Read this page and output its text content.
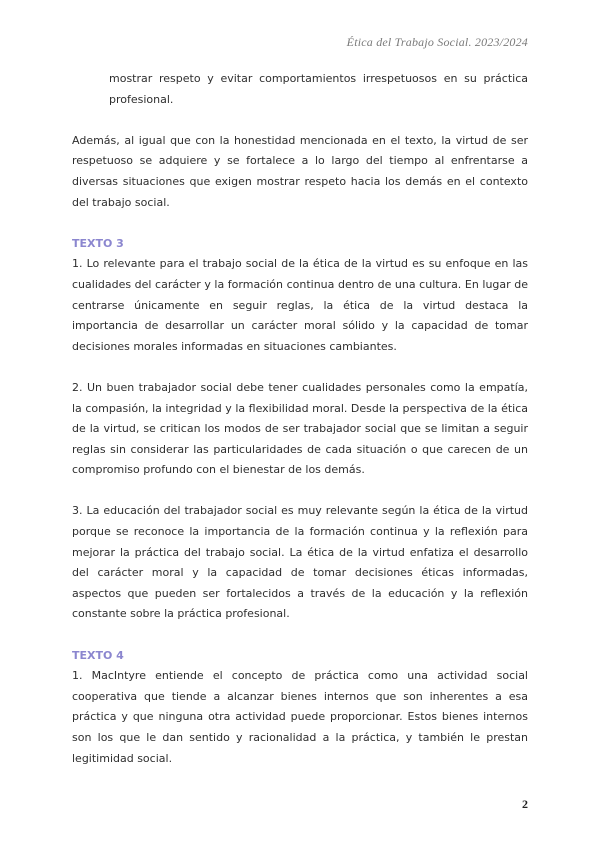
Ética del Trabajo Social. 2023/2024

mostrar respeto y evitar comportamientos irrespetuosos en su práctica profesional.

Además, al igual que con la honestidad mencionada en el texto, la virtud de ser respetuoso se adquiere y se fortalece a lo largo del tiempo al enfrentarse a diversas situaciones que exigen mostrar respeto hacia los demás en el contexto del trabajo social.

TEXTO 3

1. Lo relevante para el trabajo social de la ética de la virtud es su enfoque en las cualidades del carácter y la formación continua dentro de una cultura. En lugar de centrarse únicamente en seguir reglas, la ética de la virtud destaca la importancia de desarrollar un carácter moral sólido y la capacidad de tomar decisiones morales informadas en situaciones cambiantes.

2. Un buen trabajador social debe tener cualidades personales como la empatía, la compasión, la integridad y la flexibilidad moral. Desde la perspectiva de la ética de la virtud, se critican los modos de ser trabajador social que se limitan a seguir reglas sin considerar las particularidades de cada situación o que carecen de un compromiso profundo con el bienestar de los demás.

3. La educación del trabajador social es muy relevante según la ética de la virtud porque se reconoce la importancia de la formación continua y la reflexión para mejorar la práctica del trabajo social. La ética de la virtud enfatiza el desarrollo del carácter moral y la capacidad de tomar decisiones éticas informadas, aspectos que pueden ser fortalecidos a través de la educación y la reflexión constante sobre la práctica profesional.

TEXTO 4

1. MacIntyre entiende el concepto de práctica como una actividad social cooperativa que tiende a alcanzar bienes internos que son inherentes a esa práctica y que ninguna otra actividad puede proporcionar. Estos bienes internos son los que le dan sentido y racionalidad a la práctica, y también le prestan legitimidad social.

2
